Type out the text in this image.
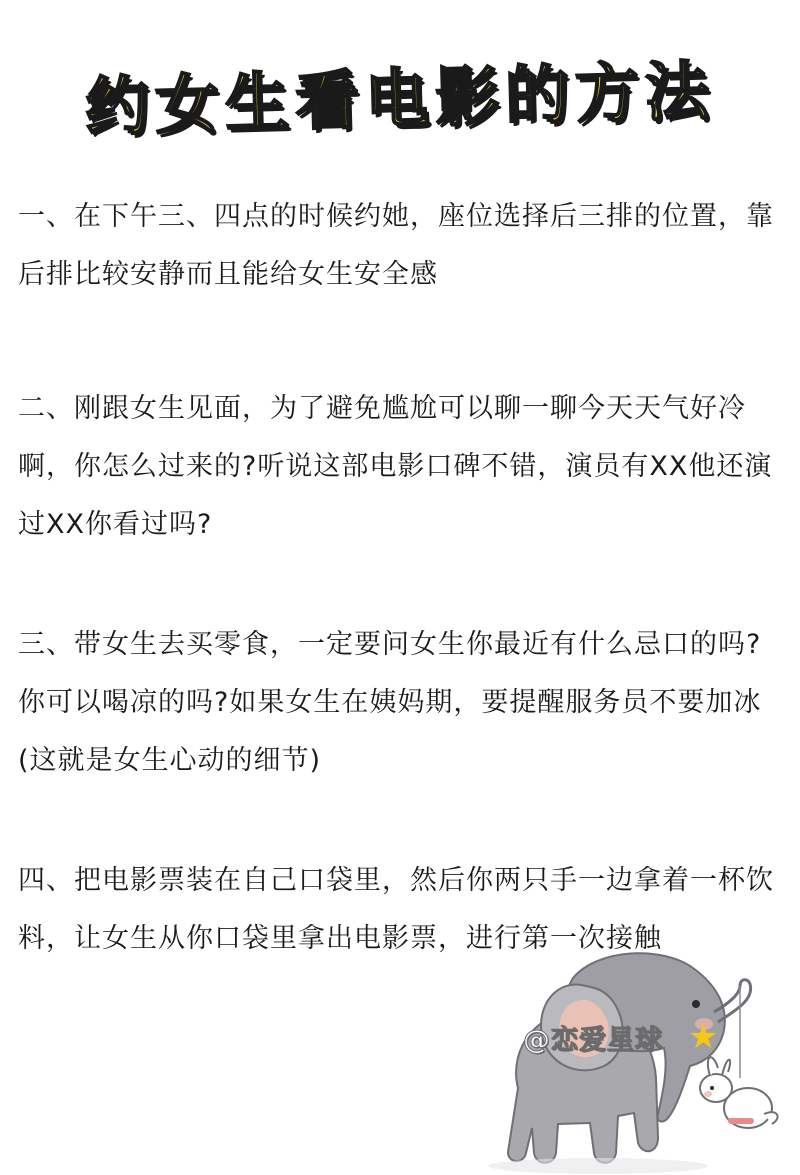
约女生看电影的方法

一、在下午三、四点的时候约她，座位选择后三排的位置，靠后排比较安静而且能给女生安全感

二、刚跟女生见面，为了避免尴尬可以聊一聊今天天气好冷啊，你怎么过来的?听说这部电影口碑不错，演员有XX他还演过XX你看过吗?

三、带女生去买零食，一定要问女生你最近有什么忌口的吗?你可以喝凉的吗?如果女生在姨妈期，要提醒服务员不要加冰(这就是女生心动的细节)

四、把电影票装在自己口袋里，然后你两只手一边拿着一杯饮料，让女生从你口袋里拿出电影票，进行第一次接触

@恋爱星球 ★
